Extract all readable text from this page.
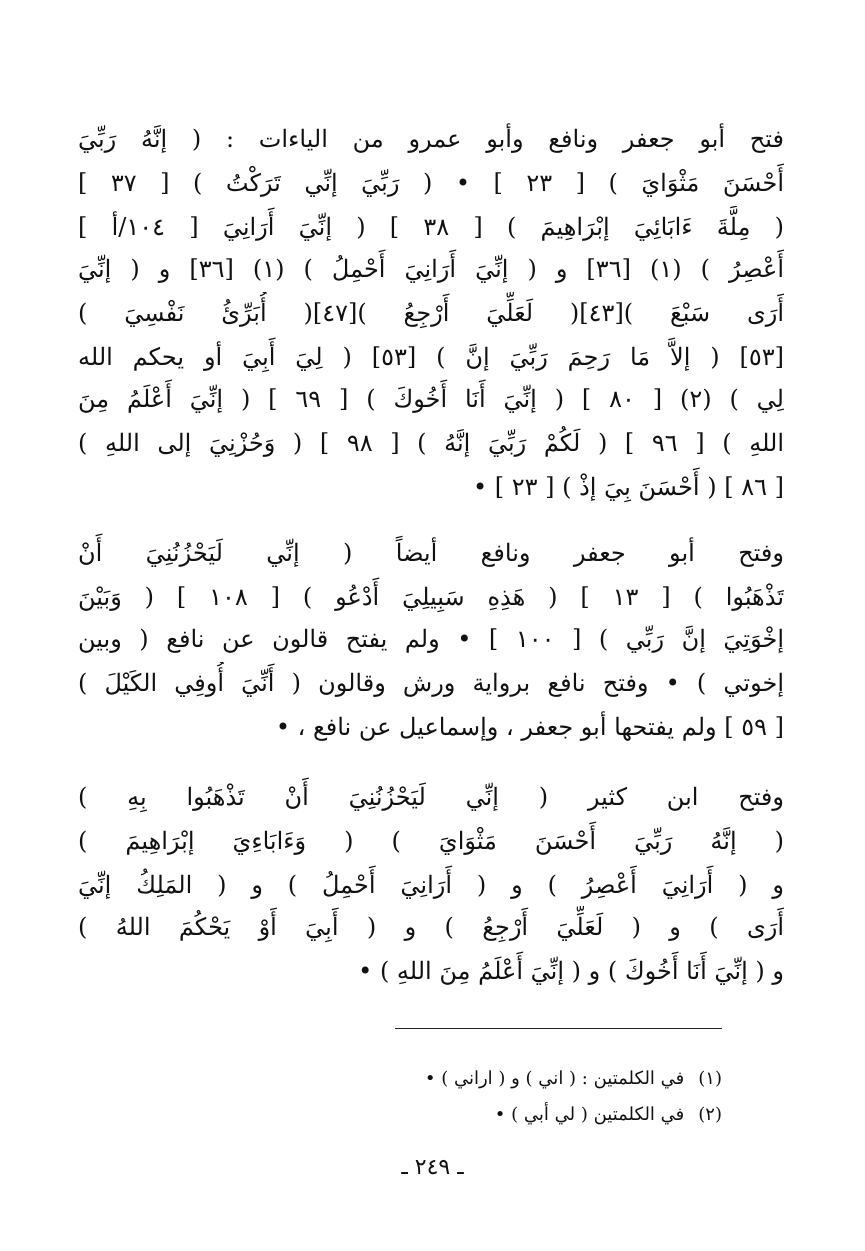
فتح أبو جعفر ونافع وأبو عمرو من الياءات : ( إنَّهُ رَبِّيَ
أَحْسَنَ مَثْوَايَ ) [ ٢٣ ] • ( رَبِّيَ إنِّي تَرَكْتُ ) [ ٣٧ ]
( مِلَّةَ ءَابَائِيَ إبْرَاهِيمَ ) [ ٣٨ ] ( إنِّيَ أَرَانِيَ [ ١٠٤/أ ]
أَعْصِرُ ) (١) [٣٦] و ( إنِّيَ أَرَانِيَ أَحْمِلُ ) (١) [٣٦] و ( إنِّيَ
أَرَى سَبْعَ )[٤٣]( لَعَلِّيَ أَرْجِعُ )[٤٧]( أُبَرِّئُ نَفْسِيَ )
[٥٣] ( إلاَّ مَا رَحِمَ رَبِّيَ إنَّ ) [٥٣] ( لِيَ أَبِيَ أو يحكم الله
لِي ) (٢) [ ٨٠ ] ( إنِّيَ أَنَا أَخُوكَ ) [ ٦٩ ] ( إنِّيَ أَعْلَمُ مِنَ
اللهِ ) [ ٩٦ ] ( لَكُمْ رَبِّيَ إنَّهُ ) [ ٩٨ ] ( وَحُزْنِيَ إلى اللهِ )
[ ٨٦ ] ( أَحْسَنَ بِيَ إذْ ) [ ٢٣ ] •
وفتح أبو جعفر ونافع أيضاً ( إنِّي لَيَحْزُنُنِيَ أَنْ
تَذْهَبُوا ) [ ١٣ ] ( هَذِهِ سَبِيلِيَ أَدْعُو ) [ ١٠٨ ] ( وَبَيْنَ
إخْوَتِيَ إنَّ رَبِّي ) [ ١٠٠ ] • ولم يفتح قالون عن نافع ( وبين
إخوتي ) • وفتح نافع برواية ورش وقالون ( أَنِّيَ أُوفِي الكَيْلَ )
[ ٥٩ ] ولم يفتحها أبو جعفر ، وإسماعيل عن نافع ، •
وفتح ابن كثير ( إنِّي لَيَحْزُنُنِيَ أَنْ تَذْهَبُوا بِهِ )
( إنَّهُ رَبِّيَ أَحْسَنَ مَثْوَايَ ) ( وَءَابَاءِيَ إبْرَاهِيمَ )
و ( أَرَانِيَ أَعْصِرُ ) و ( أَرَانِيَ أَحْمِلُ ) و ( المَلِكُ إنِّيَ
أَرَى ) و ( لَعَلِّيَ أَرْجِعُ ) و ( أَبِيَ أَوْ يَحْكُمَ اللهُ )
و ( إنِّيَ أَنَا أَخُوكَ ) و ( إنِّيَ أَعْلَمُ مِنَ اللهِ ) •
(١)في الكلمتين : ( اني ) و ( اراني ) •
(٢)في الكلمتين ( لي أبي ) •
ـ ٢٤٩ ـ
